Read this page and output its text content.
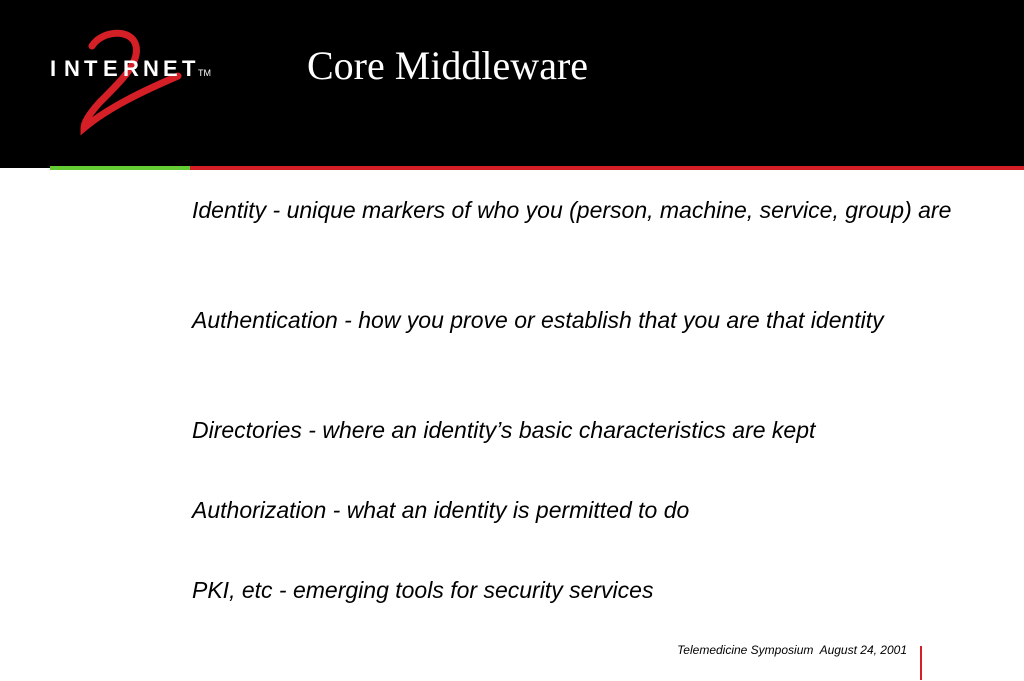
I N T E R N E T TM Core Middleware
Identity - unique markers of who you (person, machine, service, group) are
Authentication - how you prove or establish that you are that identity
Directories - where an identity’s basic characteristics are kept
Authorization - what an identity is permitted to do
PKI, etc - emerging tools for security services
Telemedicine Symposium  August 24, 2001
